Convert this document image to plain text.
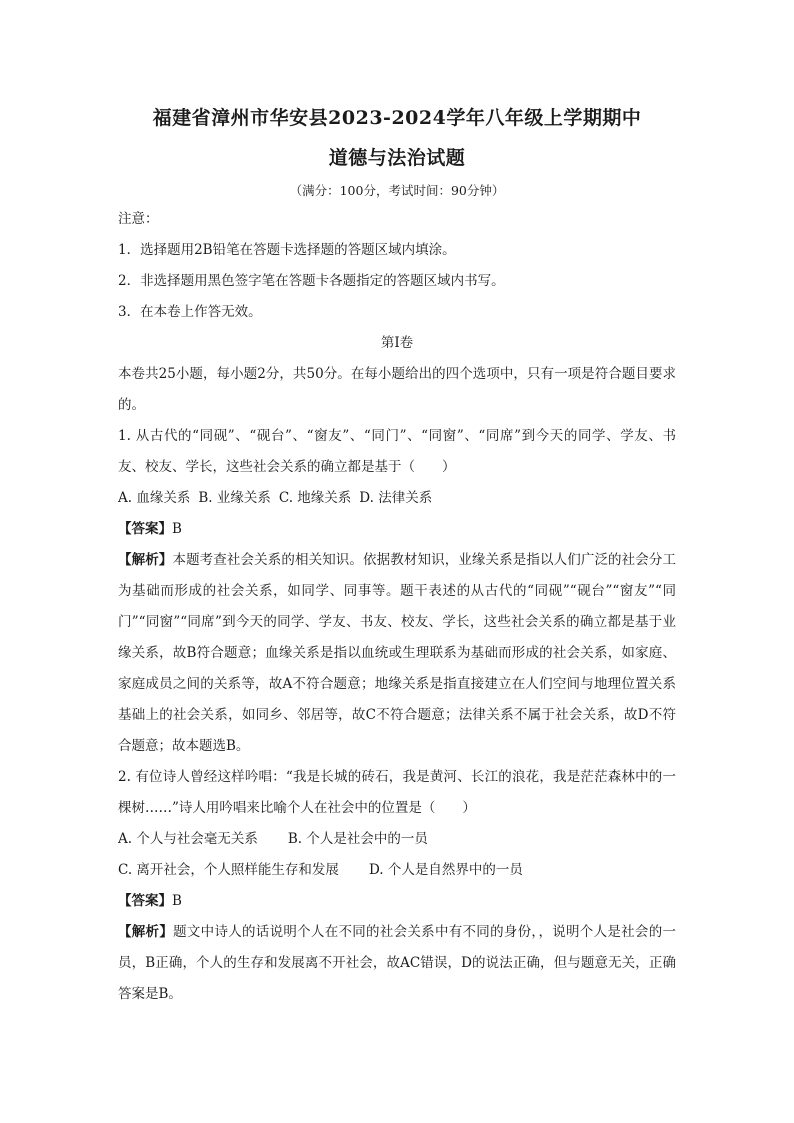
福建省漳州市华安县2023-2024学年八年级上学期期中
道德与法治试题

（满分：100分，考试时间：90分钟）

注意：

1．选择题用2B铅笔在答题卡选择题的答题区域内填涂。

2．非选择题用黑色签字笔在答题卡各题指定的答题区域内书写。

3．在本卷上作答无效。

第Ⅰ卷

本卷共25小题，每小题2分，共50分。在每小题给出的四个选项中，只有一项是符合题目要求的。

1. 从古代的“同砚”、“砚台”、“窗友”、“同门”、“同窗”、“同席”到今天的同学、学友、书友、校友、学长，这些社会关系的确立都是基于（　　）

A. 血缘关系 B. 业缘关系 C. 地缘关系 D. 法律关系

【答案】B

【解析】本题考查社会关系的相关知识。依据教材知识，业缘关系是指以人们广泛的社会分工为基础而形成的社会关系，如同学、同事等。题干表述的从古代的“同砚”“砚台”“窗友”“同门”“同窗”“同席”到今天的同学、学友、书友、校友、学长，这些社会关系的确立都是基于业缘关系，故B符合题意；血缘关系是指以血统或生理联系为基础而形成的社会关系，如家庭、家庭成员之间的关系等，故A不符合题意；地缘关系是指直接建立在人们空间与地理位置关系基础上的社会关系，如同乡、邻居等，故C不符合题意；法律关系不属于社会关系，故D不符合题意；故本题选B。

2. 有位诗人曾经这样吟唱：“我是长城的砖石，我是黄河、长江的浪花，我是茫茫森林中的一棵树……”诗人用吟唱来比喻个人在社会中的位置是（　　）

A. 个人与社会毫无关系 B. 个人是社会中的一员
C. 离开社会，个人照样能生存和发展 D. 个人是自然界中的一员

【答案】B

【解析】题文中诗人的话说明个人在不同的社会关系中有不同的身份，，说明个人是社会的一员，B正确，个人的生存和发展离不开社会，故AC错误，D的说法正确，但与题意无关，正确答案是B。
